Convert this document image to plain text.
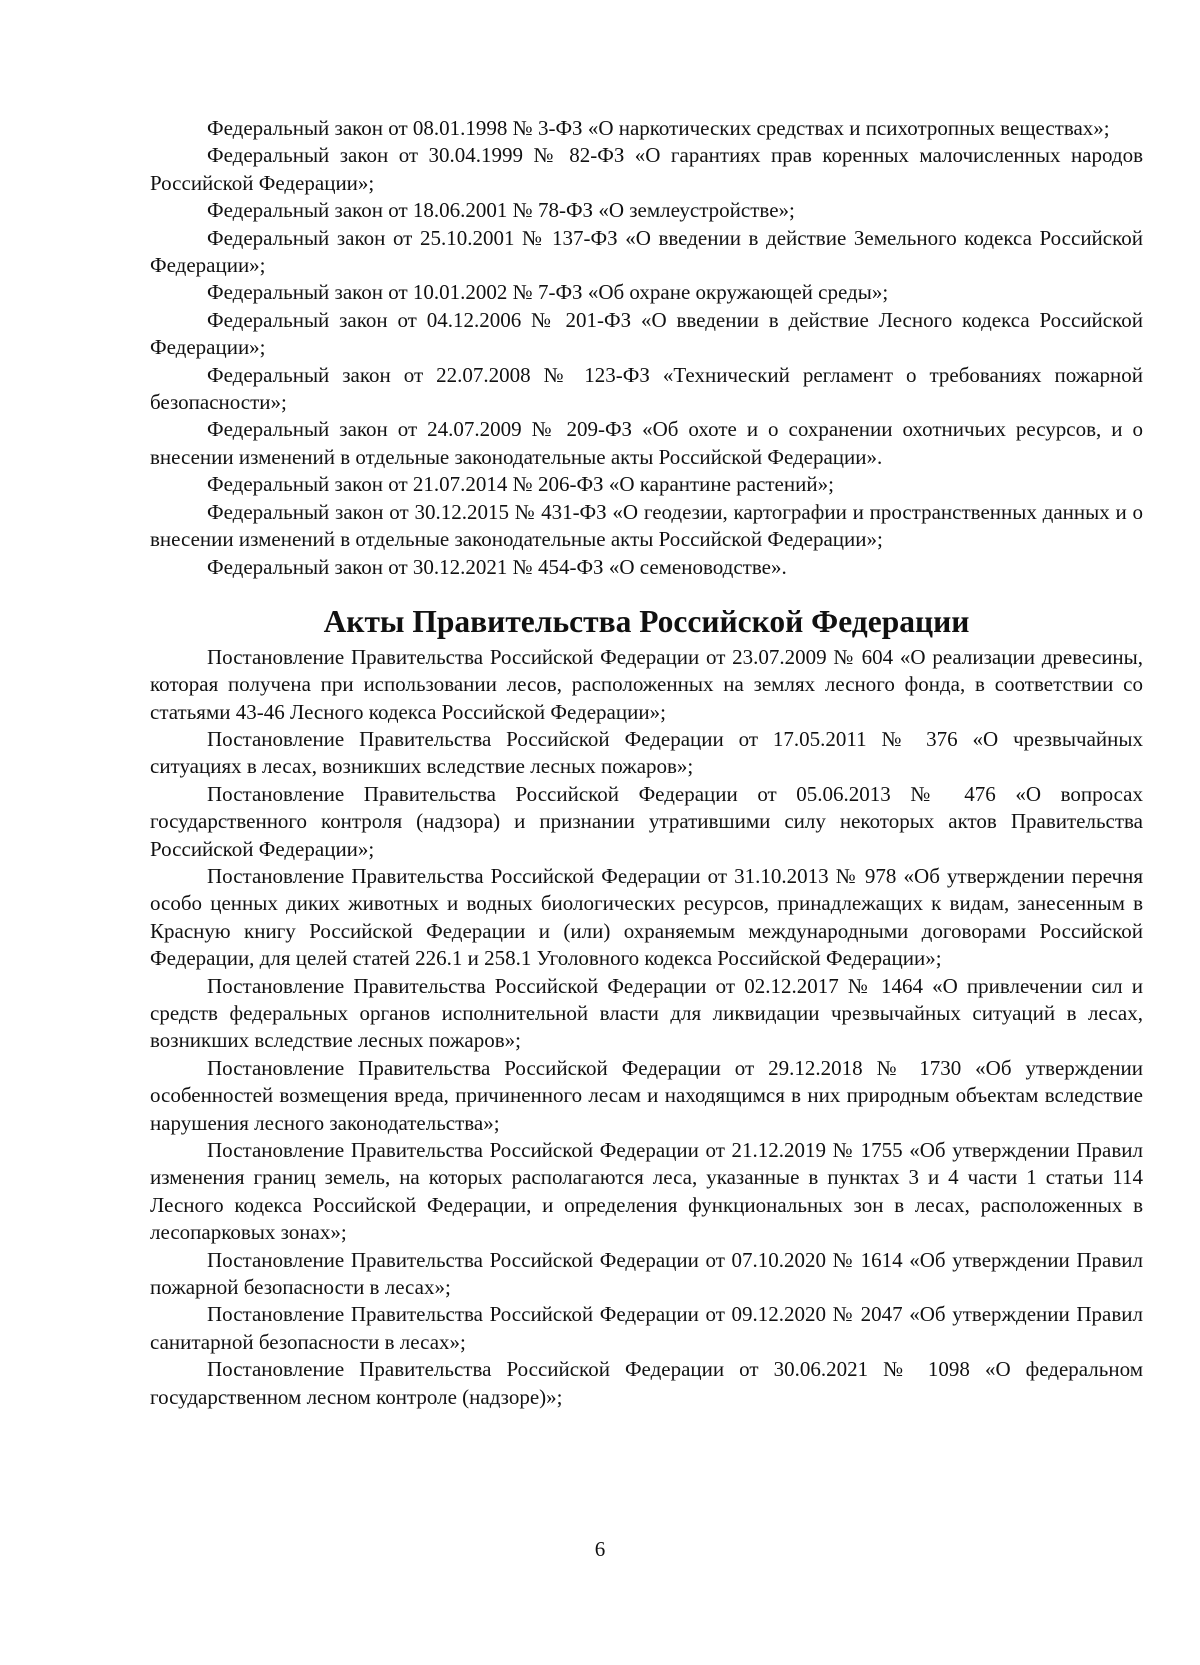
Федеральный закон от 08.01.1998 № 3-ФЗ «О наркотических средствах и психотропных веществах»;

Федеральный закон от 30.04.1999 № 82-ФЗ «О гарантиях прав коренных малочисленных народов Российской Федерации»;

Федеральный закон от 18.06.2001 № 78-ФЗ «О землеустройстве»;

Федеральный закон от 25.10.2001 № 137-ФЗ «О введении в действие Земельного кодекса Российской Федерации»;

Федеральный закон от 10.01.2002 № 7-ФЗ «Об охране окружающей среды»;

Федеральный закон от 04.12.2006 № 201-ФЗ «О введении в действие Лесного кодекса Российской Федерации»;

Федеральный закон от 22.07.2008 № 123-ФЗ «Технический регламент о требованиях пожарной безопасности»;

Федеральный закон от 24.07.2009 № 209-ФЗ «Об охоте и о сохранении охотничьих ресурсов, и о внесении изменений в отдельные законодательные акты Российской Федерации».

Федеральный закон от 21.07.2014 № 206-ФЗ «О карантине растений»;

Федеральный закон от 30.12.2015 № 431-ФЗ «О геодезии, картографии и пространственных данных и о внесении изменений в отдельные законодательные акты Российской Федерации»;

Федеральный закон от 30.12.2021 № 454-ФЗ «О семеноводстве».

Акты Правительства Российской Федерации

Постановление Правительства Российской Федерации от 23.07.2009 № 604 «О реализации древесины, которая получена при использовании лесов, расположенных на землях лесного фонда, в соответствии со статьями 43-46 Лесного кодекса Российской Федерации»;

Постановление Правительства Российской Федерации от 17.05.2011 № 376 «О чрезвычайных ситуациях в лесах, возникших вследствие лесных пожаров»;

Постановление Правительства Российской Федерации от 05.06.2013 № 476 «О вопросах государственного контроля (надзора) и признании утратившими силу некоторых актов Правительства Российской Федерации»;

Постановление Правительства Российской Федерации от 31.10.2013 № 978 «Об утверждении перечня особо ценных диких животных и водных биологических ресурсов, принадлежащих к видам, занесенным в Красную книгу Российской Федерации и (или) охраняемым международными договорами Российской Федерации, для целей статей 226.1 и 258.1 Уголовного кодекса Российской Федерации»;

Постановление Правительства Российской Федерации от 02.12.2017 № 1464 «О привлечении сил и средств федеральных органов исполнительной власти для ликвидации чрезвычайных ситуаций в лесах, возникших вследствие лесных пожаров»;

Постановление Правительства Российской Федерации от 29.12.2018 № 1730 «Об утверждении особенностей возмещения вреда, причиненного лесам и находящимся в них природным объектам вследствие нарушения лесного законодательства»;

Постановление Правительства Российской Федерации от 21.12.2019 № 1755 «Об утверждении Правил изменения границ земель, на которых располагаются леса, указанные в пунктах 3 и 4 части 1 статьи 114 Лесного кодекса Российской Федерации, и определения функциональных зон в лесах, расположенных в лесопарковых зонах»;

Постановление Правительства Российской Федерации от 07.10.2020 № 1614 «Об утверждении Правил пожарной безопасности в лесах»;

Постановление Правительства Российской Федерации от 09.12.2020 № 2047 «Об утверждении Правил санитарной безопасности в лесах»;

Постановление Правительства Российской Федерации от 30.06.2021 № 1098 «О федеральном государственном лесном контроле (надзоре)»;

6
